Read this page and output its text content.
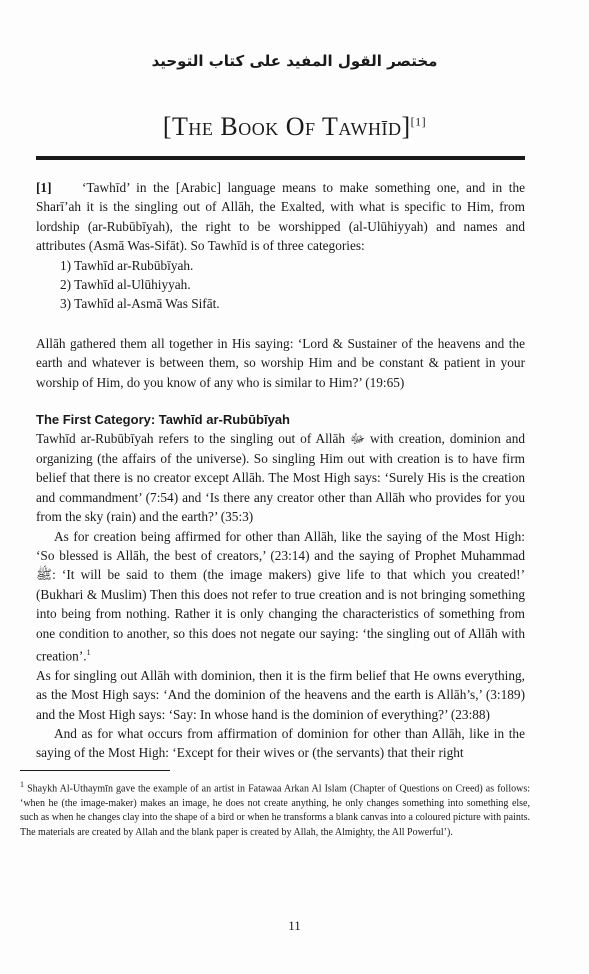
مختصر القول المفيد على كتاب التوحيد
[The Book Of Tawhīd][1]

[1] ‘Tawhīd’ in the [Arabic] language means to make something one, and in the Sharī’ah it is the singling out of Allāh, the Exalted, with what is specific to Him, from lordship (ar-Rubūbīyah), the right to be worshipped (al-Ulūhiyyah) and names and attributes (Asmā Was-Sifāt). So Tawhīd is of three categories:

1) Tawhīd ar-Rubūbīyah.
2) Tawhīd al-Ulūhiyyah.
3) Tawhīd al-Asmā Was Sifāt.

Allāh gathered them all together in His saying: ‘Lord & Sustainer of the heavens and the earth and whatever is between them, so worship Him and be constant & patient in your worship of Him, do you know of any who is similar to Him?’ (19:65)

The First Category: Tawhīd ar-Rubūbīyah

Tawhīd ar-Rubūbīyah refers to the singling out of Allāh ﷻ with creation, dominion and organizing (the affairs of the universe). So singling Him out with creation is to have firm belief that there is no creator except Allāh. The Most High says: ‘Surely His is the creation and commandment’ (7:54) and ‘Is there any creator other than Allāh who provides for you from the sky (rain) and the earth?’ (35:3)

As for creation being affirmed for other than Allāh, like the saying of the Most High: ‘So blessed is Allāh, the best of creators,’ (23:14) and the saying of Prophet Muhammad ﷺ: ‘It will be said to them (the image makers) give life to that which you created!’ (Bukhari & Muslim) Then this does not refer to true creation and is not bringing something into being from nothing. Rather it is only changing the characteristics of something from one condition to another, so this does not negate our saying: ‘the singling out of Allāh with creation’.$^1$

As for singling out Allāh with dominion, then it is the firm belief that He owns everything, as the Most High says: ‘And the dominion of the heavens and the earth is Allāh’s,’ (3:189) and the Most High says: ‘Say: In whose hand is the dominion of everything?’ (23:88)

And as for what occurs from affirmation of dominion for other than Allāh, like in the saying of the Most High: ‘Except for their wives or (the servants) that their right

$^1$ Shaykh Al-Uthaymīn gave the example of an artist in Fatawaa Arkan Al Islam (Chapter of Questions on Creed) as follows: ‘when he (the image-maker) makes an image, he does not create anything, he only changes something into something else, such as when he changes clay into the shape of a bird or when he transforms a blank canvas into a coloured picture with paints. The materials are created by Allah and the blank paper is created by Allah, the Almighty, the All Powerful’).

11
